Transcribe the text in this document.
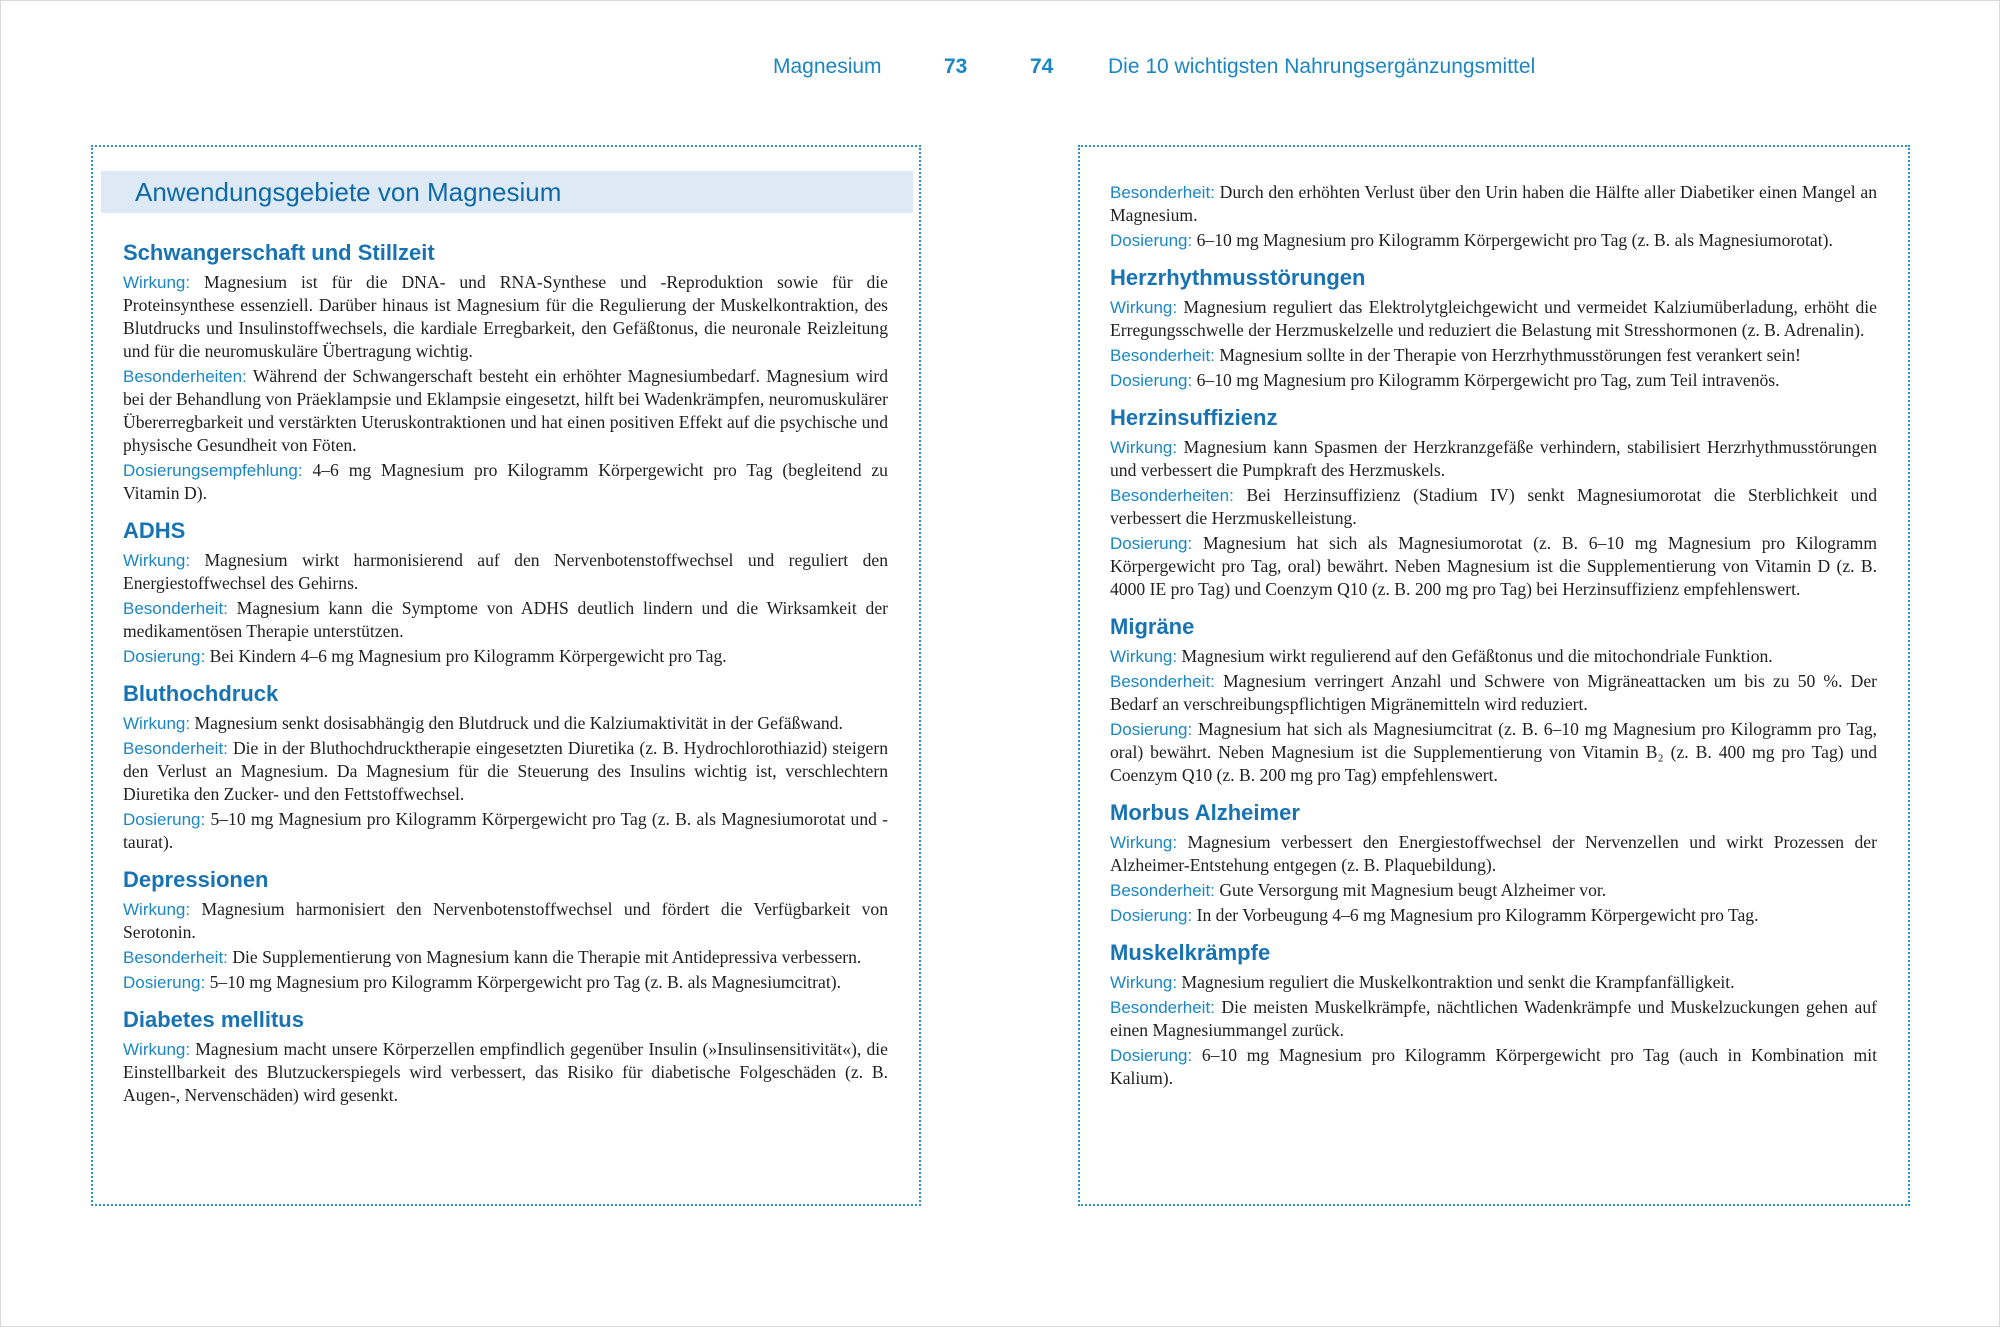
Magnesium	73	74	Die 10 wichtigsten Nahrungsergänzungsmittel
Anwendungsgebiete von Magnesium
Schwangerschaft und Stillzeit
Wirkung: Magnesium ist für die DNA- und RNA-Synthese und -Reproduktion sowie für die Proteinsynthese essenziell. Darüber hinaus ist Magnesium für die Regulierung der Muskelkontraktion, des Blutdrucks und Insulinstoffwechsels, die kardiale Erregbarkeit, den Gefäßtonus, die neuronale Reizleitung und für die neuromuskuläre Übertragung wichtig.
Besonderheiten: Während der Schwangerschaft besteht ein erhöhter Magnesiumbedarf. Magnesium wird bei der Behandlung von Präeklampsie und Eklampsie eingesetzt, hilft bei Wadenkrämpfen, neuromuskulärer Übererregbarkeit und verstärkten Uteruskontraktionen und hat einen positiven Effekt auf die psychische und physische Gesundheit von Föten.
Dosierungsempfehlung: 4–6 mg Magnesium pro Kilogramm Körpergewicht pro Tag (begleitend zu Vitamin D).
ADHS
Wirkung: Magnesium wirkt harmonisierend auf den Nervenbotenstoffwechsel und reguliert den Energiestoffwechsel des Gehirns.
Besonderheit: Magnesium kann die Symptome von ADHS deutlich lindern und die Wirksamkeit der medikamentösen Therapie unterstützen.
Dosierung: Bei Kindern 4–6 mg Magnesium pro Kilogramm Körpergewicht pro Tag.
Bluthochdruck
Wirkung: Magnesium senkt dosisabhängig den Blutdruck und die Kalziumaktivität in der Gefäßwand.
Besonderheit: Die in der Bluthochdrucktherapie eingesetzten Diuretika (z. B. Hydrochlorothiazid) steigern den Verlust an Magnesium. Da Magnesium für die Steuerung des Insulins wichtig ist, verschlechtern Diuretika den Zucker- und den Fettstoffwechsel.
Dosierung: 5–10 mg Magnesium pro Kilogramm Körpergewicht pro Tag (z. B. als Magnesiumorotat und -taurat).
Depressionen
Wirkung: Magnesium harmonisiert den Nervenbotenstoffwechsel und fördert die Verfügbarkeit von Serotonin.
Besonderheit: Die Supplementierung von Magnesium kann die Therapie mit Antidepressiva verbessern.
Dosierung: 5–10 mg Magnesium pro Kilogramm Körpergewicht pro Tag (z. B. als Magnesiumcitrat).
Diabetes mellitus
Wirkung: Magnesium macht unsere Körperzellen empfindlich gegenüber Insulin (»Insulinsensitivität«), die Einstellbarkeit des Blutzuckerspiegels wird verbessert, das Risiko für diabetische Folgeschäden (z. B. Augen-, Nervenschäden) wird gesenkt.
Besonderheit: Durch den erhöhten Verlust über den Urin haben die Hälfte aller Diabetiker einen Mangel an Magnesium.
Dosierung: 6–10 mg Magnesium pro Kilogramm Körpergewicht pro Tag (z. B. als Magnesiumorotat).
Herzrhythmusstörungen
Wirkung: Magnesium reguliert das Elektrolytgleichgewicht und vermeidet Kalziumüberladung, erhöht die Erregungsschwelle der Herzmuskelzelle und reduziert die Belastung mit Stresshormonen (z. B. Adrenalin).
Besonderheit: Magnesium sollte in der Therapie von Herzrhythmusstörungen fest verankert sein!
Dosierung: 6–10 mg Magnesium pro Kilogramm Körpergewicht pro Tag, zum Teil intravenös.
Herzinsuffizienz
Wirkung: Magnesium kann Spasmen der Herzkranzgefäße verhindern, stabilisiert Herzrhythmusstörungen und verbessert die Pumpkraft des Herzmuskels.
Besonderheiten: Bei Herzinsuffizienz (Stadium IV) senkt Magnesiumorotat die Sterblichkeit und verbessert die Herzmuskelleistung.
Dosierung: Magnesium hat sich als Magnesiumorotat (z. B. 6–10 mg Magnesium pro Kilogramm Körpergewicht pro Tag, oral) bewährt. Neben Magnesium ist die Supplementierung von Vitamin D (z. B. 4000 IE pro Tag) und Coenzym Q10 (z. B. 200 mg pro Tag) bei Herzinsuffizienz empfehlenswert.
Migräne
Wirkung: Magnesium wirkt regulierend auf den Gefäßtonus und die mitochondriale Funktion.
Besonderheit: Magnesium verringert Anzahl und Schwere von Migräneattacken um bis zu 50 %. Der Bedarf an verschreibungspflichtigen Migränemitteln wird reduziert.
Dosierung: Magnesium hat sich als Magnesiumcitrat (z. B. 6–10 mg Magnesium pro Kilogramm pro Tag, oral) bewährt. Neben Magnesium ist die Supplementierung von Vitamin B₂ (z. B. 400 mg pro Tag) und Coenzym Q10 (z. B. 200 mg pro Tag) empfehlenswert.
Morbus Alzheimer
Wirkung: Magnesium verbessert den Energiestoffwechsel der Nervenzellen und wirkt Prozessen der Alzheimer-Entstehung entgegen (z. B. Plaquebildung).
Besonderheit: Gute Versorgung mit Magnesium beugt Alzheimer vor.
Dosierung: In der Vorbeugung 4–6 mg Magnesium pro Kilogramm Körpergewicht pro Tag.
Muskelkrämpfe
Wirkung: Magnesium reguliert die Muskelkontraktion und senkt die Krampfanfälligkeit.
Besonderheit: Die meisten Muskelkrämpfe, nächtlichen Wadenkrämpfe und Muskelzuckungen gehen auf einen Magnesiummangel zurück.
Dosierung: 6–10 mg Magnesium pro Kilogramm Körpergewicht pro Tag (auch in Kombination mit Kalium).
